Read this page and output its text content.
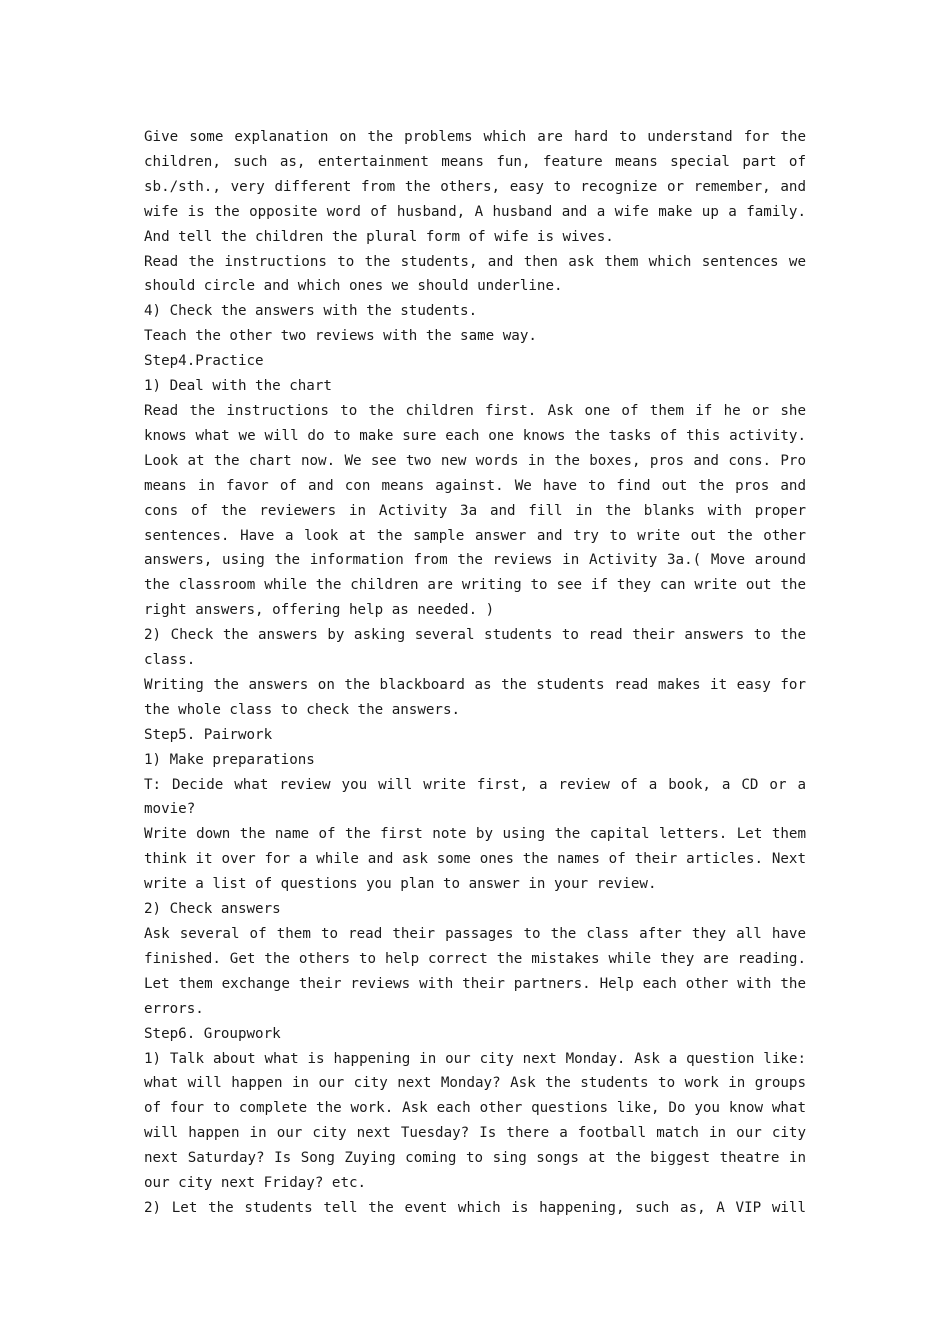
Give some explanation on the problems which are hard to understand for the children, such as, entertainment means fun, feature means special part of sb./sth., very different from the others, easy to recognize or remember, and wife is the opposite word of husband, A husband and a wife make up a family. And tell the children the plural form of wife is wives.

Read the instructions to the students, and then ask them which sentences we should circle and which ones we should underline.

4) Check the answers with the students.

Teach the other two reviews with the same way.

Step4.Practice

1) Deal with the chart

Read the instructions to the children first. Ask one of them if he or she knows what we will do to make sure each one knows the tasks of this activity. Look at the chart now. We see two new words in the boxes, pros and cons. Pro means in favor of and con means against. We have to find out the pros and cons of the reviewers in Activity 3a and fill in the blanks with proper sentences. Have a look at the sample answer and try to write out the other answers, using the information from the reviews in Activity 3a.( Move around the classroom while the children are writing to see if they can write out the right answers, offering help as needed. )

2) Check the answers by asking several students to read their answers to the class.

Writing the answers on the blackboard as the students read makes it easy for the whole class to check the answers.

Step5. Pairwork

1) Make preparations

T: Decide what review you will write first, a review of a book, a CD or a movie?

Write down the name of the first note by using the capital letters. Let them think it over for a while and ask some ones the names of their articles. Next write a list of questions you plan to answer in your review.

2) Check answers

Ask several of them to read their passages to the class after they all have finished. Get the others to help correct the mistakes while they are reading. Let them exchange their reviews with their partners. Help each other with the errors.

Step6. Groupwork

1) Talk about what is happening in our city next Monday. Ask a question like: what will happen in our city next Monday? Ask the students to work in groups of four to complete the work. Ask each other questions like, Do you know what will happen in our city next Tuesday? Is there a football match in our city next Saturday? Is Song Zuying coming to sing songs at the biggest theatre in our city next Friday? etc.

2) Let the students tell the event which is happening, such as, A VIP will
